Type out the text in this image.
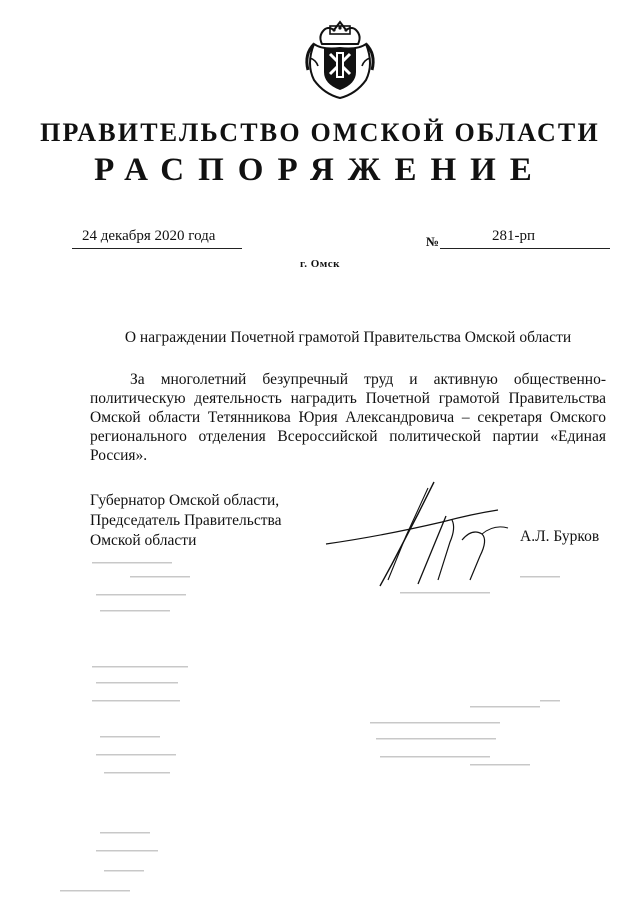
ПРАВИТЕЛЬСТВО ОМСКОЙ ОБЛАСТИ
РАСПОРЯЖЕНИЕ
24 декабря 2020 года	№	281-рп
г. Омск
О награждении Почетной грамотой Правительства Омской области

За многолетний безупречный труд и активную общественно-политическую деятельность наградить Почетной грамотой Правительства Омской области Тетянникова Юрия Александровича – секретаря Омского регионального отделения Всероссийской политической партии «Единая Россия».

Губернатор Омской области,
Председатель Правительства
Омской области	А.Л. Бурков
